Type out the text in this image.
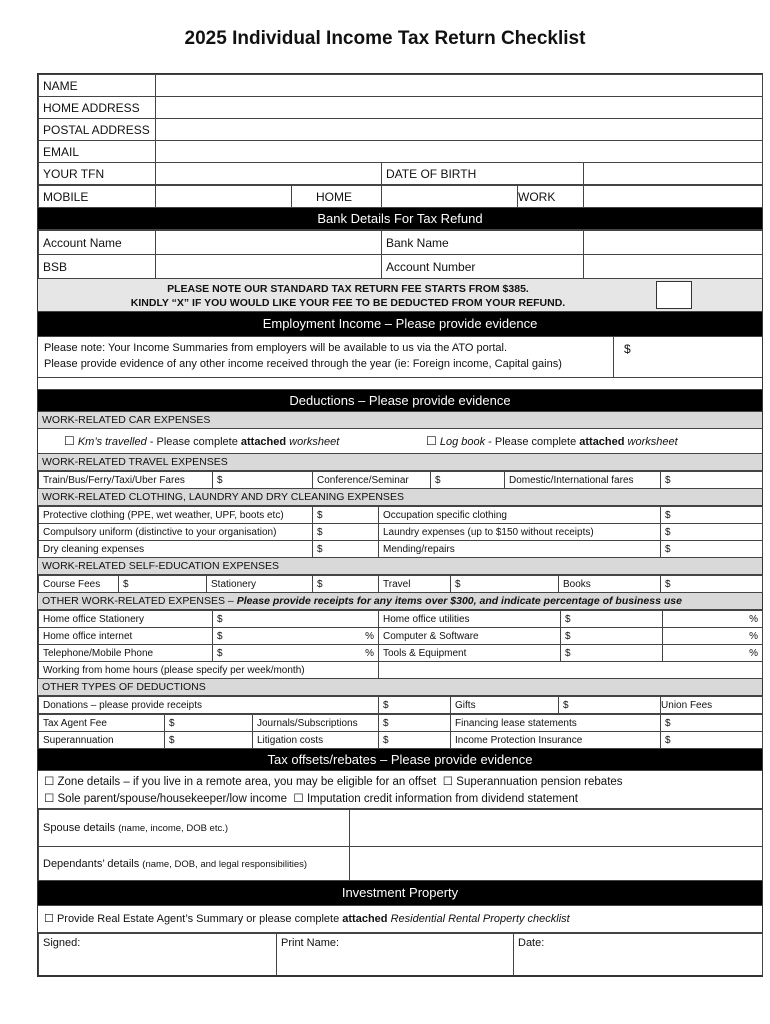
2025 Individual Income Tax Return Checklist
NAME			
HOME ADDRESS			
POSTAL ADDRESS			
EMAIL			
YOUR TFN		DATE OF BIRTH	
MOBILE		HOME		WORK	
Bank Details For Tax Refund
Account Name		Bank Name	
BSB		Account Number	
PLEASE NOTE OUR STANDARD TAX RETURN FEE STARTS FROM $385.
KINDLY “X” IF YOU WOULD LIKE YOUR FEE TO BE DEDUCTED FROM YOUR REFUND.
Employment Income – Please provide evidence
Please note: Your Income Summaries from employers will be available to us via the ATO portal.
Please provide evidence of any other income received through the year (ie: Foreign income, Capital gains)
$
Deductions – Please provide evidence
WORK-RELATED CAR EXPENSES
☐ Km’s travelled - Please complete attached worksheet	☐ Log book - Please complete attached worksheet
WORK-RELATED TRAVEL EXPENSES
Train/Bus/Ferry/Taxi/Uber Fares	$	Conference/Seminar	$	Domestic/International fares	$
WORK-RELATED CLOTHING, LAUNDRY AND DRY CLEANING EXPENSES
Protective clothing (PPE, wet weather, UPF, boots etc)	$	Occupation specific clothing	$
Compulsory uniform (distinctive to your organisation)	$	Laundry expenses (up to $150 without receipts)	$
Dry cleaning expenses	$	Mending/repairs	$
WORK-RELATED SELF-EDUCATION EXPENSES
Course Fees	$	Stationery	$	Travel	$	Books	$
OTHER WORK-RELATED EXPENSES – Please provide receipts for any items over $300, and indicate percentage of business use
Home office Stationery	$	Home office utilities	$	%
Home office internet	$ %	Computer & Software	$	%
Telephone/Mobile Phone	$ %	Tools & Equipment	$	%
Working from home hours (please specify per week/month)				
OTHER TYPES OF DEDUCTIONS
Donations – please provide receipts	$	Gifts	$	Union Fees
Tax Agent Fee	$	Journals/Subscriptions	$	Financing lease statements	$
Superannuation	$	Litigation costs	$	Income Protection Insurance	$
Tax offsets/rebates – Please provide evidence
☐ Zone details – if you live in a remote area, you may be eligible for an offset ☐ Superannuation pension rebates
☐ Sole parent/spouse/housekeeper/low income ☐ Imputation credit information from dividend statement
Spouse details (name, income, DOB etc.)	
Dependants’ details (name, DOB, and legal responsibilities)	
Investment Property
☐ Provide Real Estate Agent’s Summary or please complete attached Residential Rental Property checklist
Signed:	Print Name:	Date:
